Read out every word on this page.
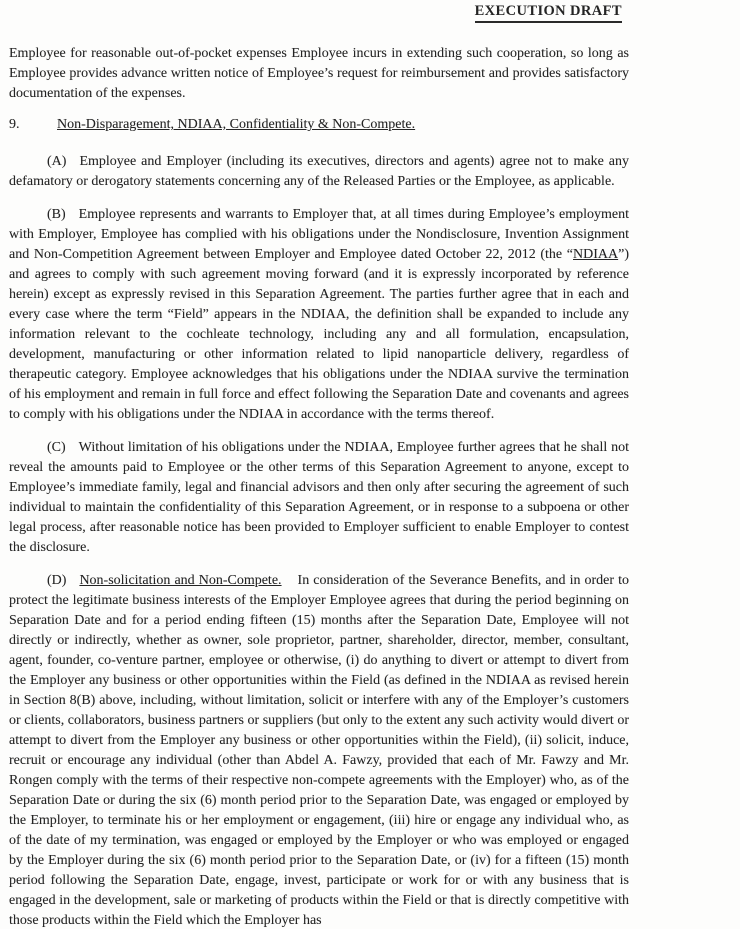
EXECUTION DRAFT

Employee for reasonable out-of-pocket expenses Employee incurs in extending such cooperation, so long as Employee provides advance written notice of Employee’s request for reimbursement and provides satisfactory documentation of the expenses.

9.	Non-Disparagement, NDIAA, Confidentiality & Non-Compete.

(A) Employee and Employer (including its executives, directors and agents) agree not to make any defamatory or derogatory statements concerning any of the Released Parties or the Employee, as applicable.

(B) Employee represents and warrants to Employer that, at all times during Employee’s employment with Employer, Employee has complied with his obligations under the Nondisclosure, Invention Assignment and Non-Competition Agreement between Employer and Employee dated October 22, 2012 (the “NDIAA”) and agrees to comply with such agreement moving forward (and it is expressly incorporated by reference herein) except as expressly revised in this Separation Agreement. The parties further agree that in each and every case where the term “Field” appears in the NDIAA, the definition shall be expanded to include any information relevant to the cochleate technology, including any and all formulation, encapsulation, development, manufacturing or other information related to lipid nanoparticle delivery, regardless of therapeutic category. Employee acknowledges that his obligations under the NDIAA survive the termination of his employment and remain in full force and effect following the Separation Date and covenants and agrees to comply with his obligations under the NDIAA in accordance with the terms thereof.

(C) Without limitation of his obligations under the NDIAA, Employee further agrees that he shall not reveal the amounts paid to Employee or the other terms of this Separation Agreement to anyone, except to Employee’s immediate family, legal and financial advisors and then only after securing the agreement of such individual to maintain the confidentiality of this Separation Agreement, or in response to a subpoena or other legal process, after reasonable notice has been provided to Employer sufficient to enable Employer to contest the disclosure.

(D) Non-solicitation and Non-Compete. In consideration of the Severance Benefits, and in order to protect the legitimate business interests of the Employer Employee agrees that during the period beginning on Separation Date and for a period ending fifteen (15) months after the Separation Date, Employee will not directly or indirectly, whether as owner, sole proprietor, partner, shareholder, director, member, consultant, agent, founder, co-venture partner, employee or otherwise, (i) do anything to divert or attempt to divert from the Employer any business or other opportunities within the Field (as defined in the NDIAA as revised herein in Section 8(B) above, including, without limitation, solicit or interfere with any of the Employer’s customers or clients, collaborators, business partners or suppliers (but only to the extent any such activity would divert or attempt to divert from the Employer any business or other opportunities within the Field), (ii) solicit, induce, recruit or encourage any individual (other than Abdel A. Fawzy, provided that each of Mr. Fawzy and Mr. Rongen comply with the terms of their respective non-compete agreements with the Employer) who, as of the Separation Date or during the six (6) month period prior to the Separation Date, was engaged or employed by the Employer, to terminate his or her employment or engagement, (iii) hire or engage any individual who, as of the date of my termination, was engaged or employed by the Employer or who was employed or engaged by the Employer during the six (6) month period prior to the Separation Date, or (iv) for a fifteen (15) month period following the Separation Date, engage, invest, participate or work for or with any business that is engaged in the development, sale or marketing of products within the Field or that is directly competitive with those products within the Field which the Employer has
